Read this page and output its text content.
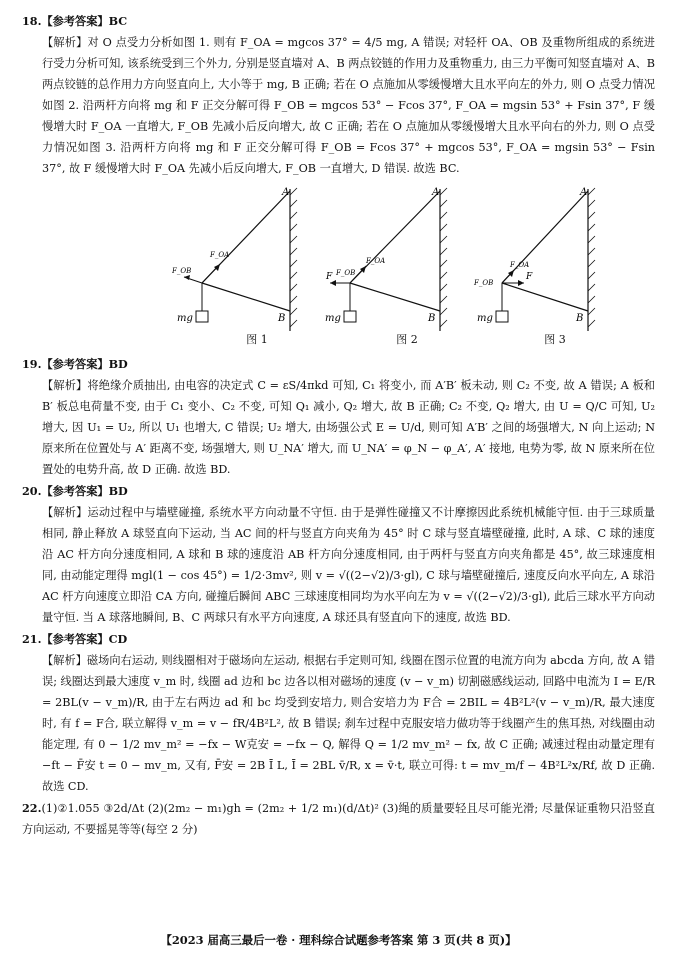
18.【参考答案】BC

【解析】对 O 点受力分析如图 1. 则有 F_OA = mgcos 37° = 4/5 mg, A 错误; 对轻杆 OA、OB 及重物所组成的系统进行受力分析可知, 该系统受到三个外力, 分别是竖直墙对 A、B 两点铰链的作用力及重物重力, 由三力平衡可知竖直墙对 A、B 两点铰链的总作用力方向竖直向上, 大小等于 mg, B 正确; 若在 O 点施加从零缓慢增大且水平向左的外力, 则 O 点受力情况如图 2. 沿两杆方向将 mg 和 F 正交分解可得 F_OB = mgcos 53° − Fcos 37°, F_OA = mgsin 53° + Fsin 37°, F 缓慢增大时 F_OA 一直增大, F_OB 先减小后反向增大, 故 C 正确; 若在 O 点施加从零缓慢增大且水平向右的外力, 则 O 点受力情况如图 3. 沿两杆方向将 mg 和 F 正交分解可得 F_OB = Fcos 37° + mgcos 53°, F_OA = mgsin 53° − Fsin 37°, 故 F 缓慢增大时 F_OA 先减小后反向增大, F_OB 一直增大, D 错误. 故选 BC.

A
B
mg
F_OA
F_OB
图 1
A
B
mg
F_OA
F_OB
F
图 2
A
B
mg
F_OA
F_OB
F
图 3

19.【参考答案】BD

【解析】将绝缘介质抽出, 由电容的决定式 C = εS/4πkd 可知, C₁ 将变小, 而 A′B′ 板未动, 则 C₂ 不变, 故 A 错误; A 板和 B′ 板总电荷量不变, 由于 C₁ 变小、C₂ 不变, 可知 Q₁ 减小, Q₂ 增大, 故 B 正确; C₂ 不变, Q₂ 增大, 由 U = Q/C 可知, U₂ 增大, 因 U₁ = U₂, 所以 U₁ 也增大, C 错误; U₂ 增大, 由场强公式 E = U/d, 则可知 A′B′ 之间的场强增大, N 向上运动; N 原来所在位置处与 A′ 距离不变, 场强增大, 则 U_NA′ 增大, 而 U_NA′ = φ_N − φ_A′, A′ 接地, 电势为零, 故 N 原来所在位置处的电势升高, 故 D 正确. 故选 BD.

20.【参考答案】BD

【解析】运动过程中与墙壁碰撞, 系统水平方向动量不守恒. 由于是弹性碰撞又不计摩擦因此系统机械能守恒. 由于三球质量相同, 静止释放 A 球竖直向下运动, 当 AC 间的杆与竖直方向夹角为 45° 时 C 球与竖直墙壁碰撞, 此时, A 球、C 球的速度沿 AC 杆方向分速度相同, A 球和 B 球的速度沿 AB 杆方向分速度相同, 由于两杆与竖直方向夹角都是 45°, 故三球速度相同, 由动能定理得 mgl(1 − cos 45°) = 1/2·3mv², 则 v = √((2−√2)/3·gl), C 球与墙壁碰撞后, 速度反向水平向左, A 球沿 AC 杆方向速度立即沿 CA 方向, 碰撞后瞬间 ABC 三球速度相同均为水平向左为 v = √((2−√2)/3·gl), 此后三球水平方向动量守恒. 当 A 球落地瞬间, B、C 两球只有水平方向速度, A 球还具有竖直向下的速度, 故选 BD.

21.【参考答案】CD

【解析】磁场向右运动, 则线圈相对于磁场向左运动, 根据右手定则可知, 线圈在图示位置的电流方向为 abcda 方向, 故 A 错误; 线圈达到最大速度 v_m 时, 线圈 ad 边和 bc 边各以相对磁场的速度 (v − v_m) 切割磁感线运动, 回路中电流为 I = E/R = 2BL(v − v_m)/R, 由于左右两边 ad 和 bc 均受到安培力, 则合安培力为 F合 = 2BIL = 4B²L²(v − v_m)/R, 最大速度时, 有 f = F合, 联立解得 v_m = v − fR/4B²L², 故 B 错误; 刹车过程中克服安培力做功等于线圈产生的焦耳热, 对线圈由动能定理, 有 0 − 1/2 mv_m² = −fx − W克安 = −fx − Q, 解得 Q = 1/2 mv_m² − fx, 故 C 正确; 减速过程由动量定理有 −ft − F̄安 t = 0 − mv_m, 又有, F̄安 = 2B Ī L, Ī = 2BL v̄/R, x = v̄·t, 联立可得: t = mv_m/f − 4B²L²x/Rf, 故 D 正确. 故选 CD.

22.(1)②1.055 ③2d/Δt (2)(2m₂ − m₁)gh = (2m₂ + 1/2 m₁)(d/Δt)² (3)绳的质量要轻且尽可能光滑; 尽量保证重物只沿竖直方向运动, 不要摇晃等等(每空 2 分)

【2023 届高三最后一卷 · 理科综合试题参考答案 第 3 页(共 8 页)】
